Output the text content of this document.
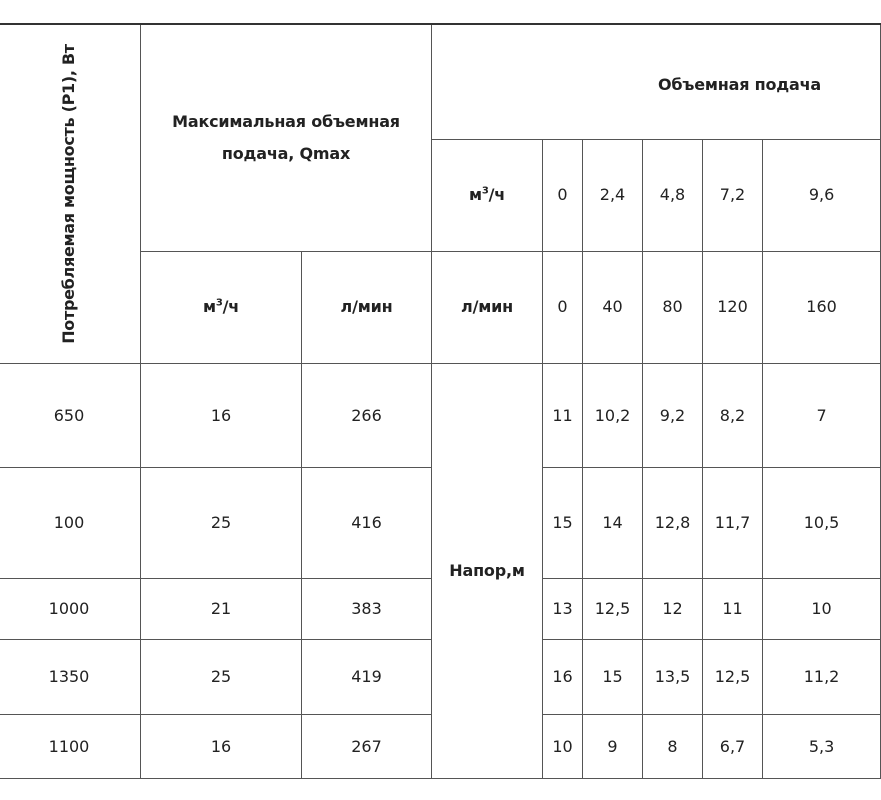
Потребляемая мощность (P1), Вт	Максимальная объемная
подача, Qmax		Объемная подача					
			$м^3/ч$	0	2,4	4,8	7,2	9,6
	$м^3/ч$	л/мин	л/мин	0	40	80	120	160
650	16	266	Напор,м	11	10,2	9,2	8,2	7
100	25	416		15	14	12,8	11,7	10,5
1000	21	383		13	12,5	12	11	10
1350	25	419		16	15	13,5	12,5	11,2
1100	16	267		10	9	8	6,7	5,3
